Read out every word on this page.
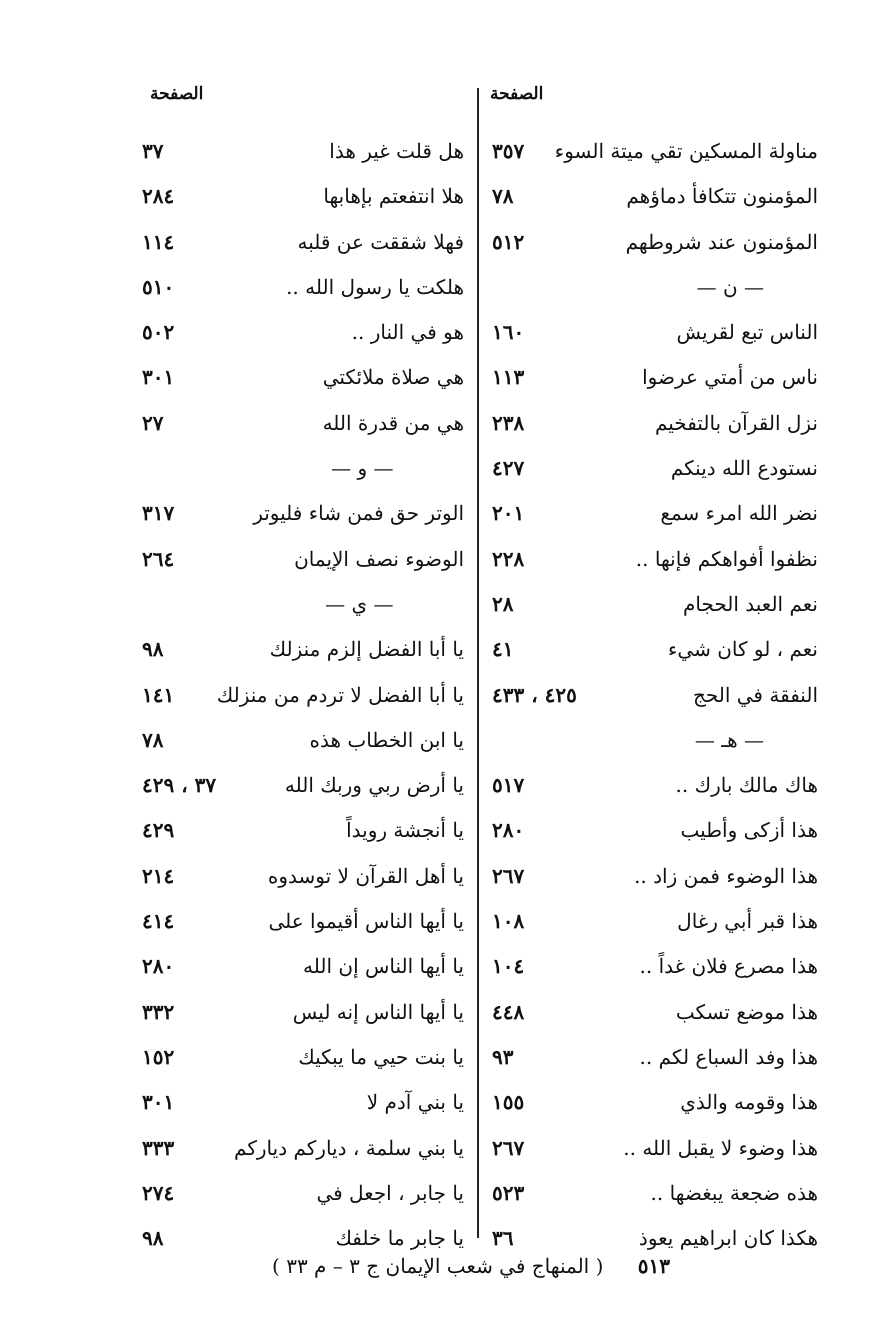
الصفحة
مناولة المسكين تقي ميتة السوء
٣٥٧
المؤمنون تتكافأ دماؤهم
٧٨
المؤمنون عند شروطهم
٥١٢
— ن —
الناس تبع لقريش
١٦٠
ناس من أمتي عرضوا
١١٣
نزل القرآن بالتفخيم
٢٣٨
نستودع الله دينكم
٤٢٧
نضر الله امرء سمع
٢٠١
نظفوا أفواهكم فإنها ..
٢٢٨
نعم العبد الحجام
٢٨
نعم ، لو كان شيء
٤١
النفقة في الحج
٤٢٥ ، ٤٣٣
— هـ —
هاك مالك بارك ..
٥١٧
هذا أزكى وأطيب
٢٨٠
هذا الوضوء فمن زاد ..
٢٦٧
هذا قبر أبي رغال
١٠٨
هذا مصرع فلان غداً ..
١٠٤
هذا موضع تسكب
٤٤٨
هذا وفد السباع لكم ..
٩٣
هذا وقومه والذي
١٥٥
هذا وضوء لا يقبل الله ..
٢٦٧
هذه ضجعة يبغضها ..
٥٢٣
هكذا كان ابراهيم يعوذ
٣٦
الصفحة
هل قلت غير هذا
٣٧
هلا انتفعتم بإهابها
٢٨٤
فهلا شققت عن قلبه
١١٤
هلكت يا رسول الله ..
٥١٠
هو في النار ..
٥٠٢
هي صلاة ملائكتي
٣٠١
هي من قدرة الله
٢٧
— و —
الوتر حق فمن شاء فليوتر
٣١٧
الوضوء نصف الإيمان
٢٦٤
— ي —
يا أبا الفضل إلزم منزلك
٩٨
يا أبا الفضل لا تردم من منزلك
١٤١
يا ابن الخطاب هذه
٧٨
يا أرض ربي وربك الله
٣٧ ، ٤٢٩
يا أنجشة رويداً
٤٢٩
يا أهل القرآن لا توسدوه
٢١٤
يا أيها الناس أقيموا على
٤١٤
يا أيها الناس إن الله
٢٨٠
يا أيها الناس إنه ليس
٣٣٢
يا بنت حيي ما يبكيك
١٥٢
يا بني آدم لا
٣٠١
يا بني سلمة ، دياركم دياركم
٣٣٣
يا جابر ، اجعل في
٢٧٤
يا جابر ما خلفك
٩٨
٥١٣ ( المنهاج في شعب الإيمان ج ٣ – م ٣٣ )
